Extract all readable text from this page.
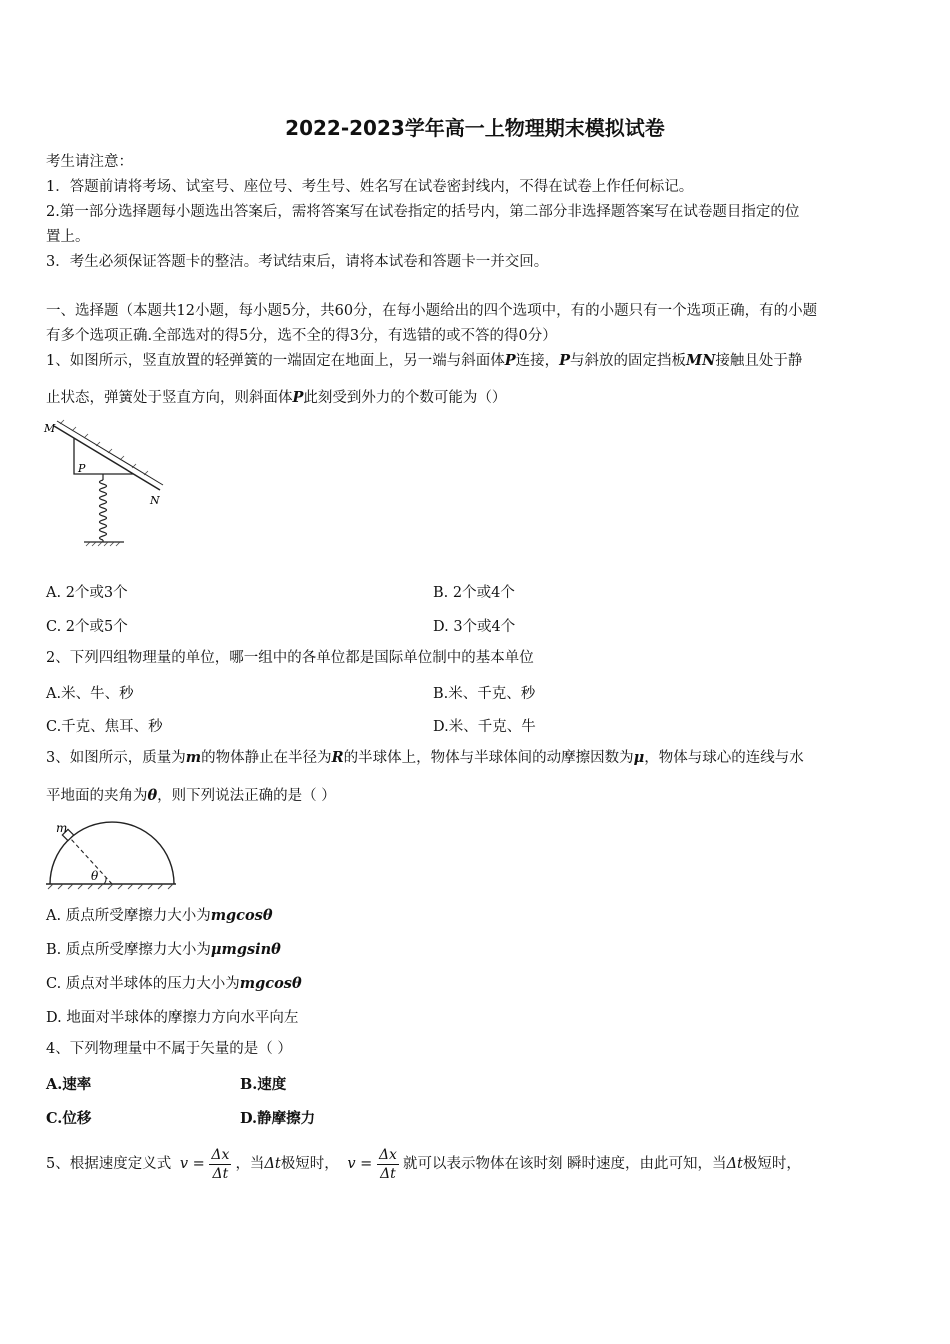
2022-2023学年高一上物理期末模拟试卷
考生请注意：
1．答题前请将考场、试室号、座位号、考生号、姓名写在试卷密封线内，不得在试卷上作任何标记。
2.第一部分选择题每小题选出答案后，需将答案写在试卷指定的括号内，第二部分非选择题答案写在试卷题目指定的位
置上。
3．考生必须保证答题卡的整洁。考试结束后，请将本试卷和答题卡一并交回。
一、选择题（本题共12小题，每小题5分，共60分，在每小题给出的四个选项中，有的小题只有一个选项正确，有的小题
有多个选项正确.全部选对的得5分，选不全的得3分，有选错的或不答的得0分）
1、如图所示，竖直放置的轻弹簧的一端固定在地面上，另一端与斜面体P连接，P与斜放的固定挡板MN接触且处于静
止状态，弹簧处于竖直方向，则斜面体P此刻受到外力的个数可能为（）
M
P
N
A. 2个或3个	B. 2个或4个
C. 2个或5个	D. 3个或4个
2、下列四组物理量的单位，哪一组中的各单位都是国际单位制中的基本单位
A.米、牛、秒	B.米、千克、秒
C.千克、焦耳、秒	D.米、千克、牛
3、如图所示，质量为m的物体静止在半径为R的半球体上，物体与半球体间的动摩擦因数为μ，物体与球心的连线与水
平地面的夹角为θ，则下列说法正确的是（ ）
m
θ
A. 质点所受摩擦力大小为mgcosθ
B. 质点所受摩擦力大小为μmgsinθ
C. 质点对半球体的压力大小为mgcosθ
D. 地面对半球体的摩擦力方向水平向左
4、下列物理量中不属于矢量的是（ ）
A.速率	B.速度
C.位移	D.静摩擦力
5、根据速度定义式 $v = \frac{\Delta x}{\Delta t}$ ，当Δt极短时， $v = \frac{\Delta x}{\Delta t}$ 就可以表示物体在该时刻 瞬时速度，由此可知，当Δt极短时，
